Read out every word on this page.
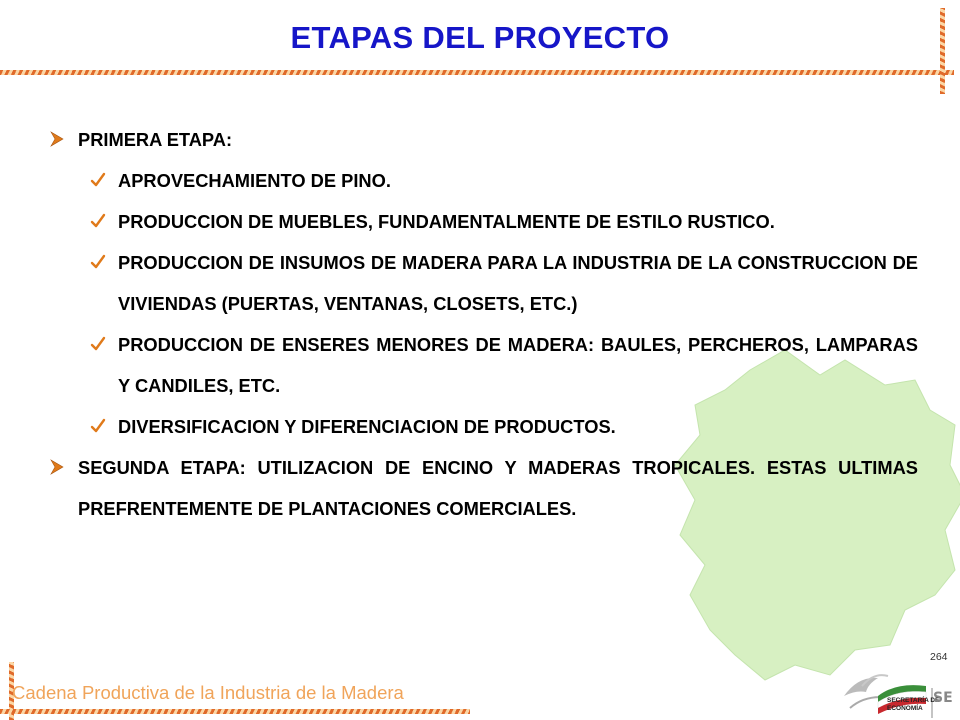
ETAPAS DEL PROYECTO
PRIMERA ETAPA:
APROVECHAMIENTO DE PINO.
PRODUCCION DE MUEBLES, FUNDAMENTALMENTE DE ESTILO RUSTICO.
PRODUCCION DE INSUMOS DE MADERA PARA LA INDUSTRIA DE LA CONSTRUCCION DE VIVIENDAS (PUERTAS, VENTANAS, CLOSETS, ETC.)
PRODUCCION DE ENSERES MENORES DE MADERA: BAULES, PERCHEROS, LAMPARAS Y CANDILES, ETC.
DIVERSIFICACION Y DIFERENCIACION DE PRODUCTOS.
SEGUNDA ETAPA: UTILIZACION DE ENCINO Y MADERAS TROPICALES. ESTAS ULTIMAS PREFRENTEMENTE DE PLANTACIONES COMERCIALES.
264
Cadena Productiva de la Industria de la Madera	SECRETARÍA DE
ECONOMÍA
SE
